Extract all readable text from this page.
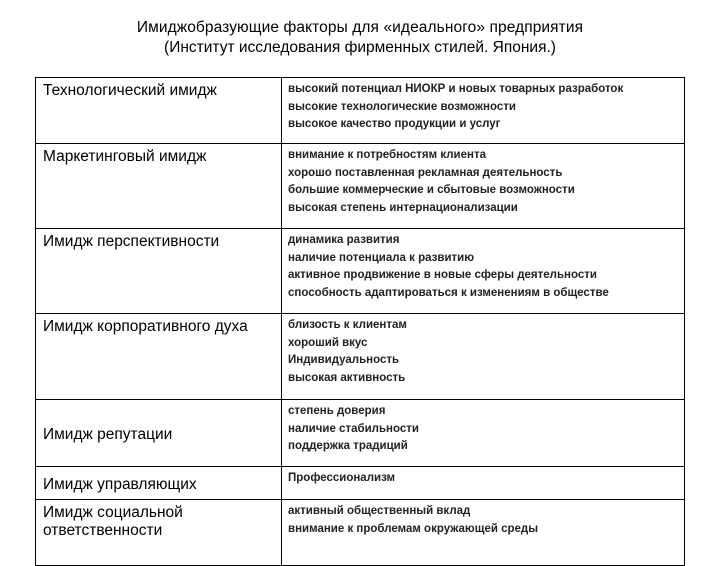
Имиджобразующие факторы для «идеального» предприятия
(Институт исследования фирменных стилей. Япония.)
Технологический имидж	высокий потенциал НИОКР и новых товарных разработок
высокие технологические возможности
высокое качество продукции и услуг

Маркетинговый имидж	внимание к потребностям клиента
хорошо поставленная рекламная деятельность
большие коммерческие и сбытовые возможности
высокая степень интернационализации

Имидж перспективности	динамика развития
наличие потенциала к развитию
активное продвижение в новые сферы деятельности
способность адаптироваться к изменениям в обществе

Имидж корпоративного духа	близость к клиентам
хороший вкус
Индивидуальность
высокая активность

Имидж репутации	степень доверия
наличие стабильности
поддержка традиций

Имидж управляющих	Профессионализм

Имидж социальной ответственности	активный общественный вклад
внимание к проблемам окружающей среды
